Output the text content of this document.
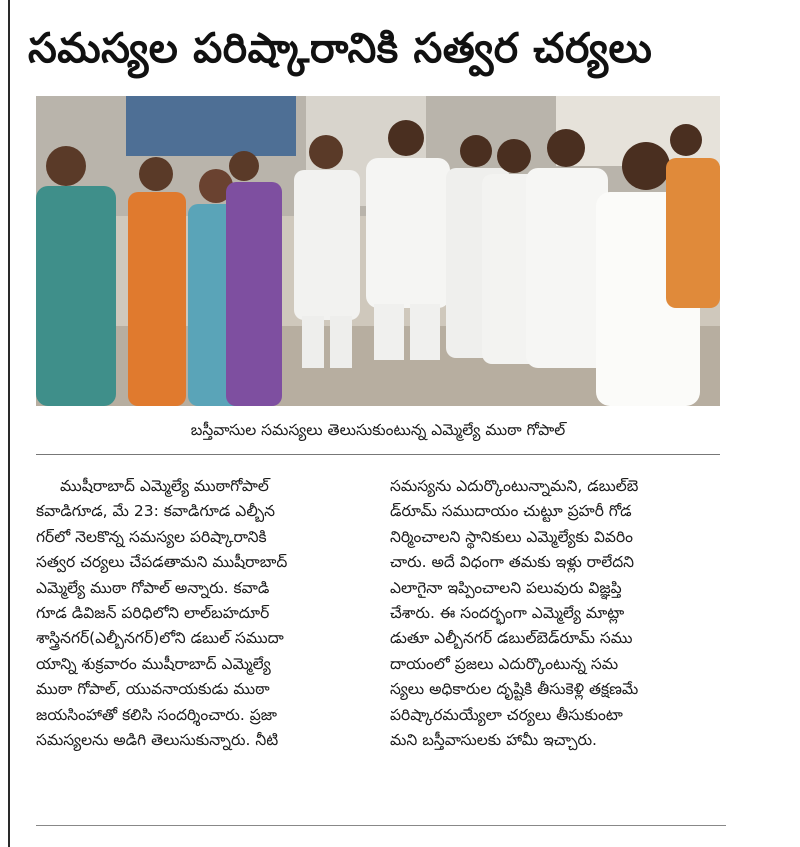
సమస్యల పరిష్కారానికి సత్వర చర్యలు
బస్తీవాసుల సమస్యలు తెలుసుకుంటున్న ఎమ్మెల్యే ముఠా గోపాల్
ముషీరాబాద్ ఎమ్మెల్యే ముఠాగోపాల్
కవాడిగూడ, మే 23: కవాడిగూడ ఎల్బీన
గర్‌లో నెలకొన్న సమస్యల పరిష్కారానికి
సత్వర చర్యలు చేపడతామని ముషీరాబాద్
ఎమ్మెల్యే ముఠా గోపాల్ అన్నారు. కవాడి
గూడ డివిజన్ పరిధిలోని లాల్‌బహదూర్
శాస్త్రినగర్(ఎల్బీనగర్)లోని డబుల్ సముదా
యాన్ని శుక్రవారం ముషీరాబాద్ ఎమ్మెల్యే
ముఠా గోపాల్, యువనాయకుడు ముఠా
జయసింహాతో కలిసి సందర్శించారు. ప్రజా
సమస్యలను అడిగి తెలుసుకున్నారు. నీటి
సమస్యను ఎదుర్కొంటున్నామని, డబుల్‌బె
డ్‌రూమ్ సముదాయం చుట్టూ ప్రహరీ గోడ
నిర్మించాలని స్థానికులు ఎమ్మెల్యేకు వివరిం
చారు. అదే విధంగా తమకు ఇళ్లు రాలేదని
ఎలాగైనా ఇప్పించాలని పలువురు విజ్ఞప్తి
చేశారు. ఈ సందర్భంగా ఎమ్మెల్యే మాట్లా
డుతూ ఎల్బీనగర్ డబుల్‌బెడ్‌రూమ్ సము
దాయంలో ప్రజలు ఎదుర్కొంటున్న సమ
స్యలు అధికారుల దృష్టికి తీసుకెళ్లి తక్షణమే
పరిష్కారమయ్యేలా చర్యలు తీసుకుంటా
మని బస్తీవాసులకు హామీ ఇచ్చారు.
